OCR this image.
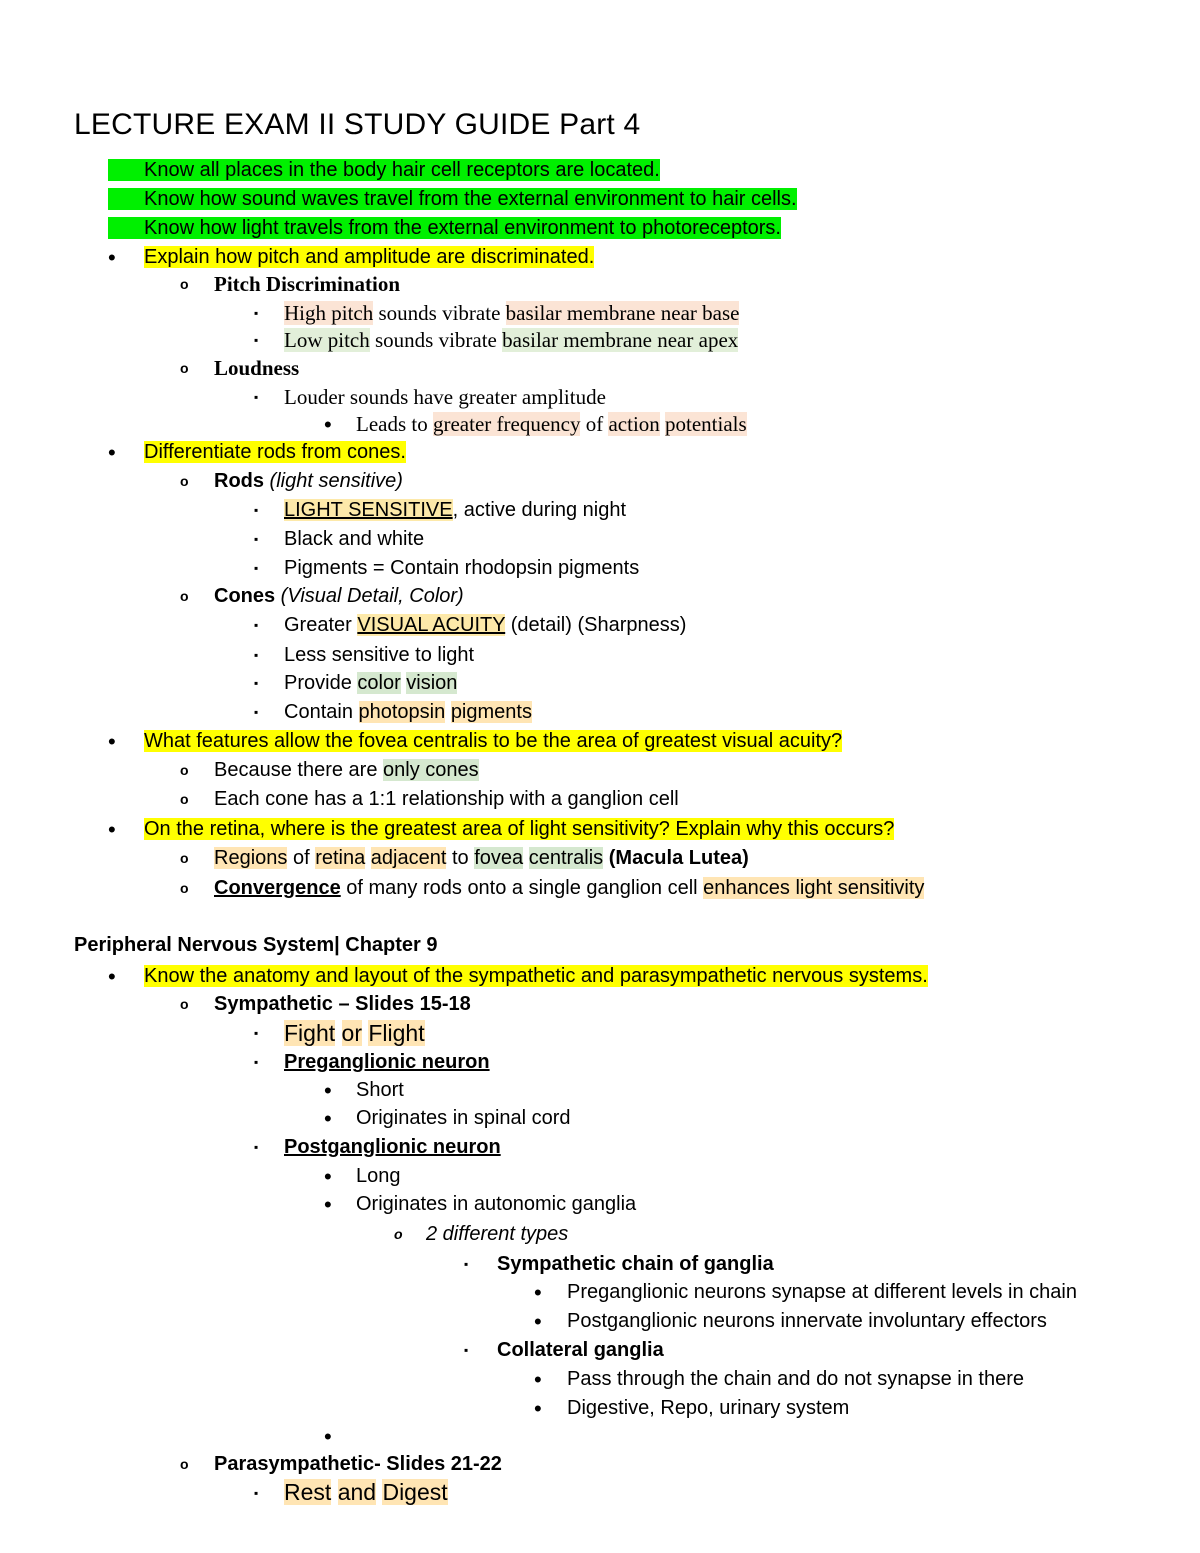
LECTURE EXAM II STUDY GUIDE Part 4
Know all places in the body hair cell receptors are located.
Know how sound waves travel from the external environment to hair cells.
Know how light travels from the external environment to photoreceptors.
• Explain how pitch and amplitude are discriminated.
o Pitch Discrimination
▪ High pitch sounds vibrate basilar membrane near base
▪ Low pitch sounds vibrate basilar membrane near apex
o Loudness
▪ Louder sounds have greater amplitude
• Leads to greater frequency of action potentials
• Differentiate rods from cones.
o Rods (light sensitive)
▪ LIGHT SENSITIVE, active during night
▪ Black and white
▪ Pigments = Contain rhodopsin pigments
o Cones (Visual Detail, Color)
▪ Greater VISUAL ACUITY (detail) (Sharpness)
▪ Less sensitive to light
▪ Provide color vision
▪ Contain photopsin pigments
• What features allow the fovea centralis to be the area of greatest visual acuity?
o Because there are only cones
o Each cone has a 1:1 relationship with a ganglion cell
• On the retina, where is the greatest area of light sensitivity? Explain why this occurs?
o Regions of retina adjacent to fovea centralis (Macula Lutea)
o Convergence of many rods onto a single ganglion cell enhances light sensitivity
Peripheral Nervous System| Chapter 9
• Know the anatomy and layout of the sympathetic and parasympathetic nervous systems.
o Sympathetic – Slides 15-18
▪ Fight or Flight
▪ Preganglionic neuron
• Short
• Originates in spinal cord
▪ Postganglionic neuron
• Long
• Originates in autonomic ganglia
o 2 different types
▪ Sympathetic chain of ganglia
• Preganglionic neurons synapse at different levels in chain
• Postganglionic neurons innervate involuntary effectors
▪ Collateral ganglia
• Pass through the chain and do not synapse in there
• Digestive, Repo, urinary system
•
o Parasympathetic- Slides 21-22
▪ Rest and Digest
